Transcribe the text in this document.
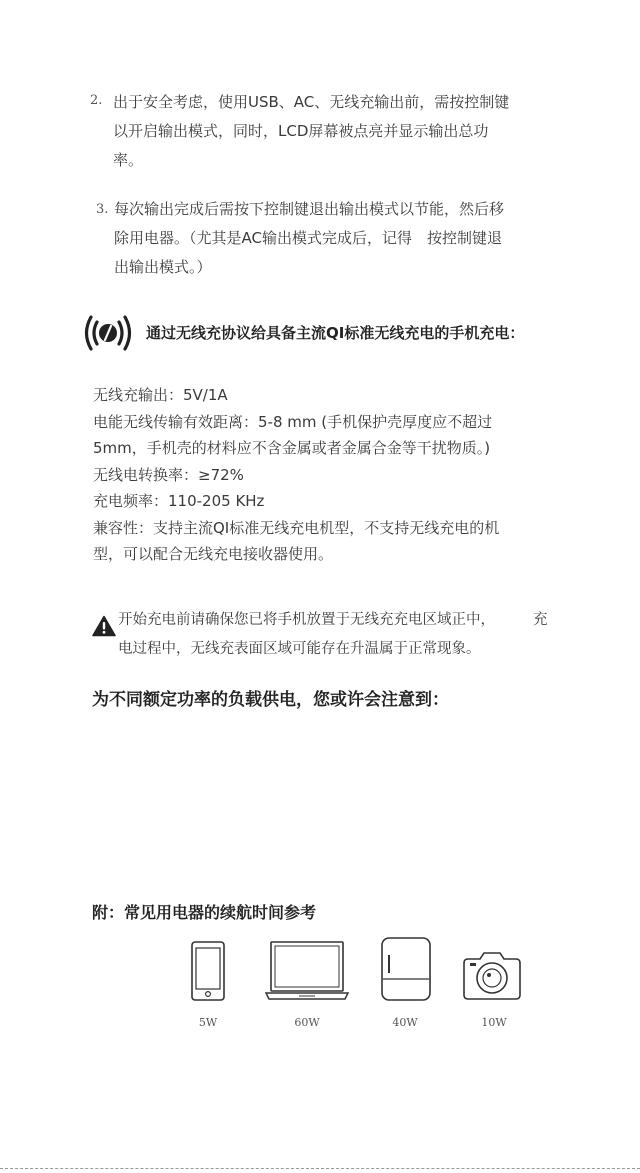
2. 出于安全考虑，使用USB、AC、无线充输出前，需按控制键
以开启输出模式，同时，LCD屏幕被点亮并显示输出总功
率。
3. 每次输出完成后需按下控制键退出输出模式以节能，然后移
除用电器。（尤其是AC输出模式完成后，记得　按控制键退
出输出模式。）
通过无线充协议给具备主流QI标准无线充电的手机充电：
无线充输出：5V/1A
电能无线传输有效距离：5-8 mm (手机保护壳厚度应不超过
5mm，手机壳的材料应不含金属或者金属合金等干扰物质。)
无线电转换率：≥72%
充电频率：110-205 KHz
兼容性：支持主流QI标准无线充电机型，不支持无线充电的机
型，可以配合无线充电接收器使用。
开始充电前请确保您已将手机放置于无线充充电区域正中，
电过程中，无线充表面区域可能存在升温属于正常现象。
充
为不同额定功率的负载供电，您或许会注意到：
附：常见用电器的续航时间参考
5W	60W	40W	10W
